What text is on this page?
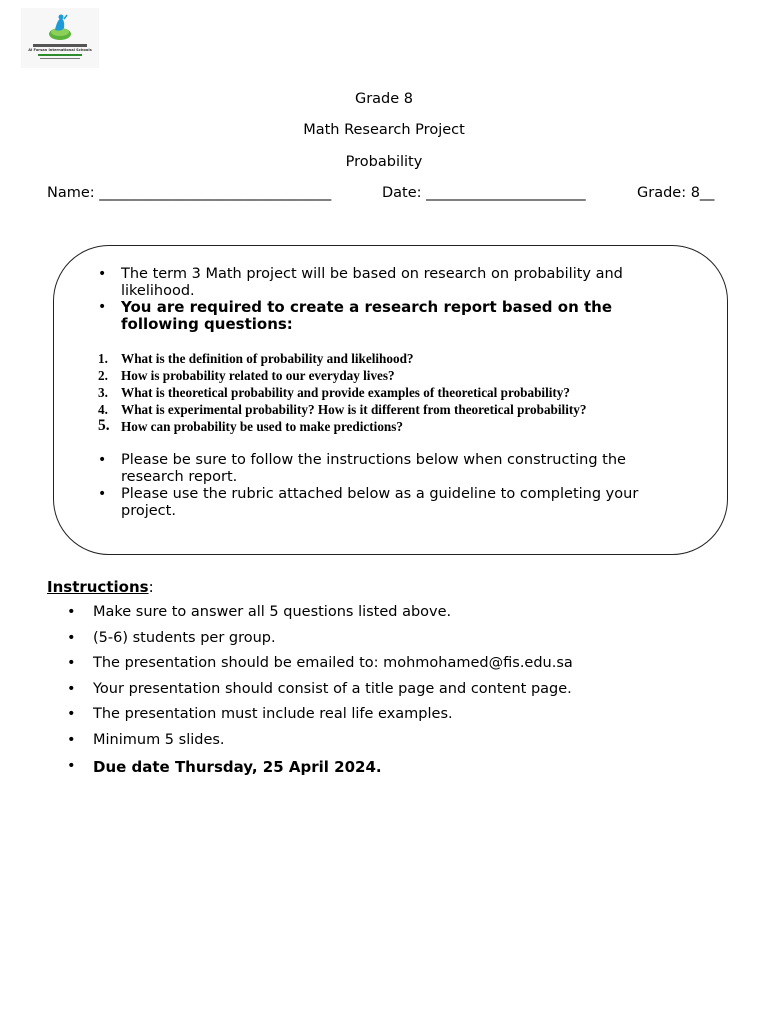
Al Forsan International Schools
Grade 8
Math Research Project
Probability
Name: ________________________________	Date: ______________________	Grade: 8__
• The term 3 Math project will be based on research on probability and likelihood.
• You are required to create a research report based on the following questions:
1. What is the definition of probability and likelihood?
2. How is probability related to our everyday lives?
3. What is theoretical probability and provide examples of theoretical probability?
4. What is experimental probability? How is it different from theoretical probability?
5. How can probability be used to make predictions?
• Please be sure to follow the instructions below when constructing the research report.
• Please use the rubric attached below as a guideline to completing your project.
Instructions:
• Make sure to answer all 5 questions listed above.
• (5-6) students per group.
• The presentation should be emailed to: mohmohamed@fis.edu.sa
• Your presentation should consist of a title page and content page.
• The presentation must include real life examples.
• Minimum 5 slides.
• Due date Thursday, 25 April 2024.
